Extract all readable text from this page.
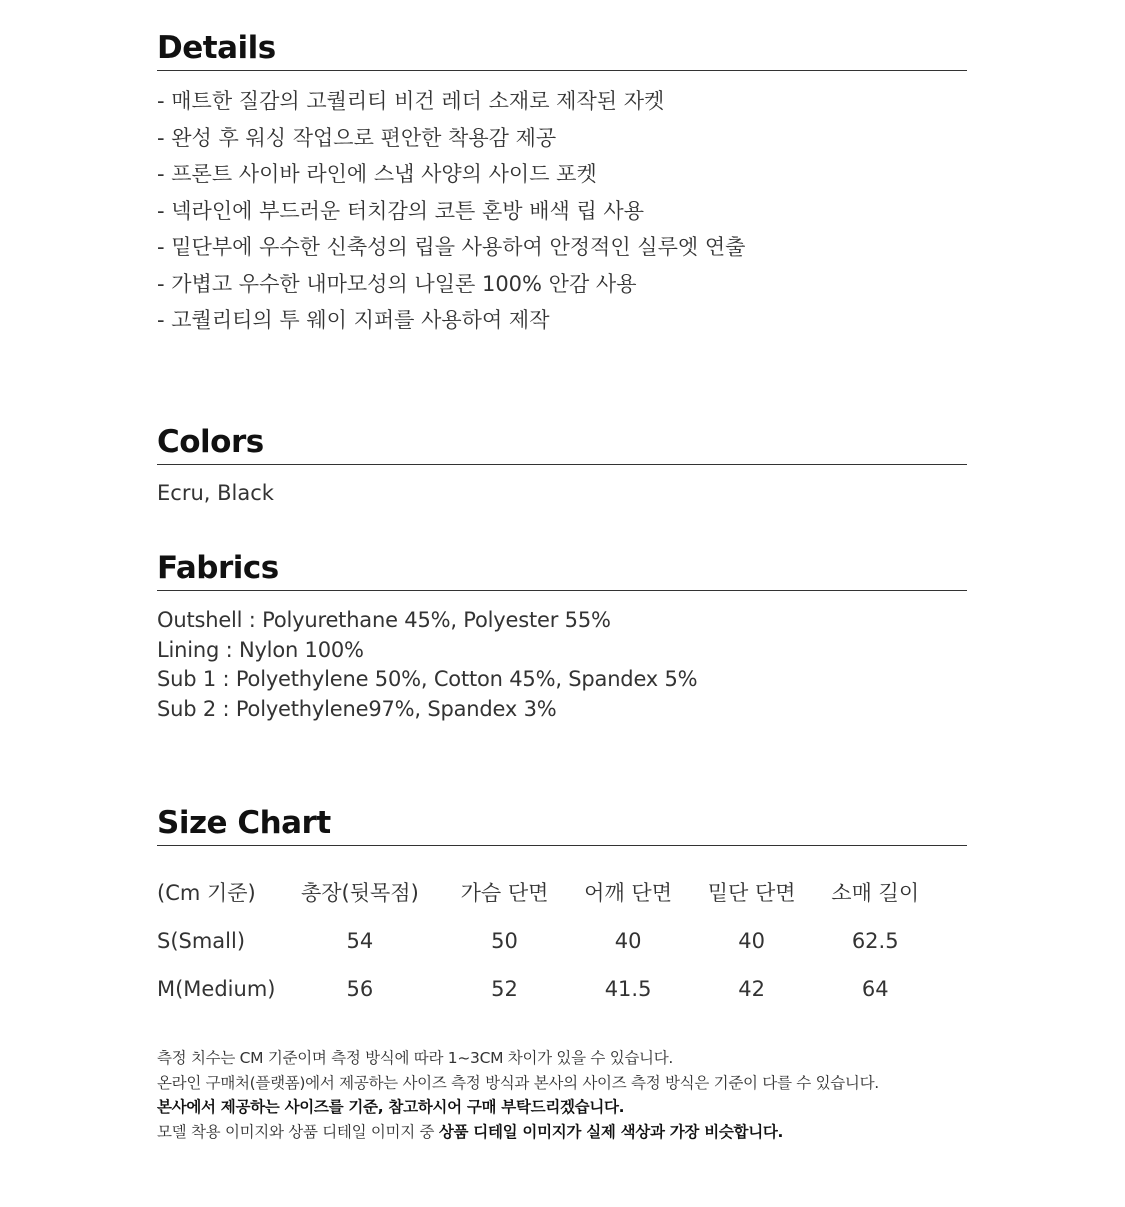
Details
- 매트한 질감의 고퀄리티 비건 레더 소재로 제작된 자켓
- 완성 후 워싱 작업으로 편안한 착용감 제공
- 프론트 사이바 라인에 스냅 사양의 사이드 포켓
- 넥라인에 부드러운 터치감의 코튼 혼방 배색 립 사용
- 밑단부에 우수한 신축성의 립을 사용하여 안정적인 실루엣 연출
- 가볍고 우수한 내마모성의 나일론 100% 안감 사용
- 고퀄리티의 투 웨이 지퍼를 사용하여 제작
Colors
Ecru, Black
Fabrics
Outshell : Polyurethane 45%, Polyester 55%
Lining : Nylon 100%
Sub 1 : Polyethylene 50%, Cotton 45%, Spandex 5%
Sub 2 : Polyethylene97%, Spandex 3%
Size Chart
(Cm 기준)	총장(뒷목점)	가슴 단면	어깨 단면	밑단 단면	소매 길이
S(Small)	54	50	40	40	62.5
M(Medium)	56	52	41.5	42	64
측정 치수는 CM 기준이며 측정 방식에 따라 1~3CM 차이가 있을 수 있습니다.
온라인 구매처(플랫폼)에서 제공하는 사이즈 측정 방식과 본사의 사이즈 측정 방식은 기준이 다를 수 있습니다.
본사에서 제공하는 사이즈를 기준, 참고하시어 구매 부탁드리겠습니다.
모델 착용 이미지와 상품 디테일 이미지 중 상품 디테일 이미지가 실제 색상과 가장 비슷합니다.
